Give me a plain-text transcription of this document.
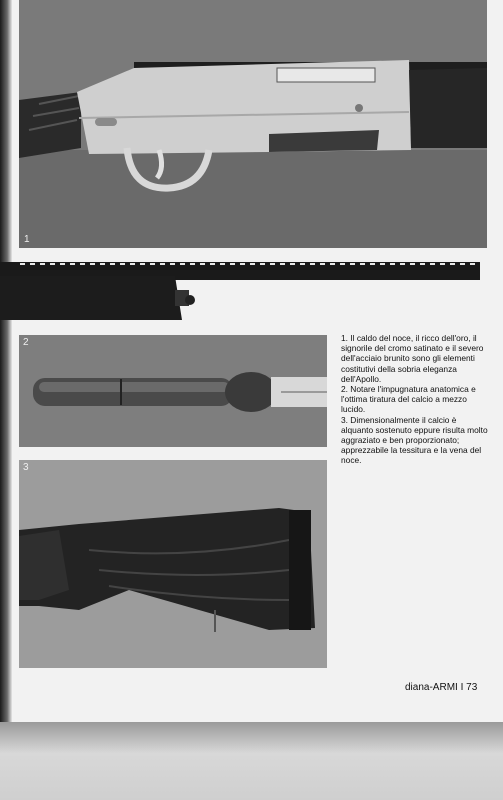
1
2
3

1. Il caldo del noce, il ricco dell'oro, il signorile del cromo satinato e il severo dell'acciaio brunito sono gli elementi costitutivi della sobria eleganza dell'Apollo.

2. Notare l'impugnatura anatomica e l'ottima tiratura del calcio a mezzo lucido.

3. Dimensionalmente il calcio è alquanto sostenuto eppure risulta molto aggraziato e ben proporzionato; apprezzabile la tessitura e la vena del noce.

diana-ARMI I 73
